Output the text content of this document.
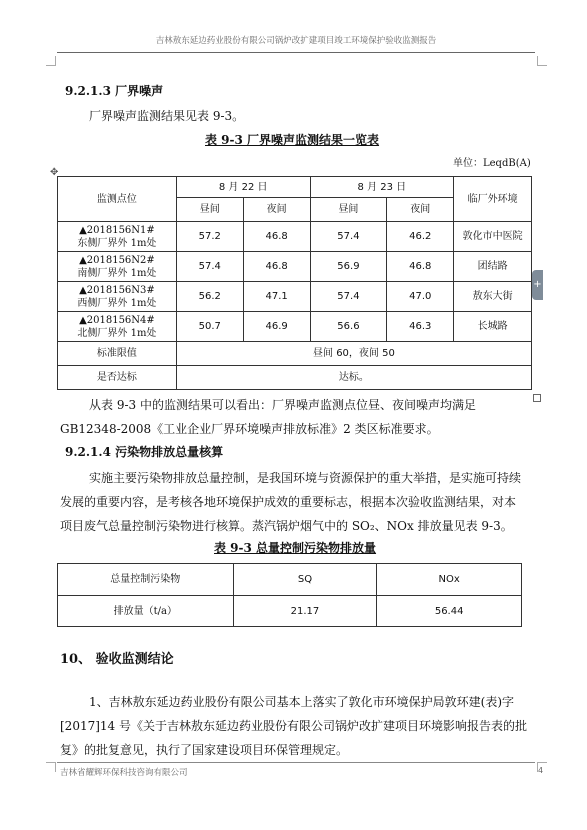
吉林敖东延边药业股份有限公司锅炉改扩建项目竣工环境保护验收监测报告
9.2.1.3 厂界噪声
厂界噪声监测结果见表 9-3。
表 9-3 厂界噪声监测结果一览表
单位：LeqdB(A)
✥
监测点位	8 月 22 日		8 月 23 日		临厂外环境
	昼间	夜间	昼间	夜间	

▲2018156N1#
东侧厂界外 1m处	57.2	46.8	57.4	46.2	敦化市中医院

▲2018156N2#
南侧厂界外 1m处	57.4	46.8	56.9	46.8	团结路

▲2018156N3#
西侧厂界外 1m处	56.2	47.1	57.4	47.0	敖东大街

▲2018156N4#
北侧厂界外 1m处	50.7	46.9	56.6	46.3	长城路
标准限值	昼间 60，夜间 50				
是否达标	达标。				
+
从表 9-3 中的监测结果可以看出：厂界噪声监测点位昼、夜间噪声均满足
GB12348-2008《工业企业厂界环境噪声排放标准》2 类区标准要求。
9.2.1.4 污染物排放总量核算
实施主要污染物排放总量控制，是我国环境与资源保护的重大举措，是实施可持续
发展的重要内容，是考核各地环境保护成效的重要标志，根据本次验收监测结果，对本
项目废气总量控制污染物进行核算。蒸汽锅炉烟气中的 SO₂、NOx 排放量见表 9-3。
表 9-3 总量控制污染物排放量
总量控制污染物	SQ	NOx
排放量（t/a）	21.17	56.44
10、 验收监测结论
1、吉林敖东延边药业股份有限公司基本上落实了敦化市环境保护局敦环建(表)字
[2017]14 号《关于吉林敖东延边药业股份有限公司锅炉改扩建项目环境影响报告表的批
复》的批复意见，执行了国家建设项目环保管理规定。
吉林省耀辉环保科技咨询有限公司	4
